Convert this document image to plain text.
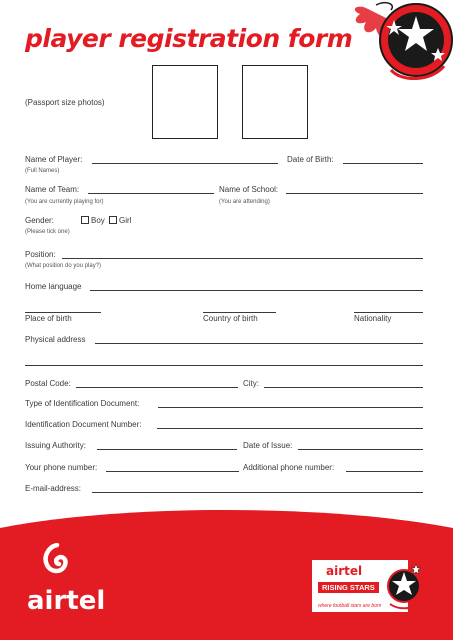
player registration form
(Passport size photos)
Name of Player:	Date of Birth:
(Full Names)
Name of Team:	Name of School:
(You are currently playing for)	(You are attending)
Gender:	Boy	Girl
(Please tick one)
Position:
(What position do you play?)
Home language
Place of birth	Country of birth	Nationality
Physical address
Postal Code:	City:
Type of Identification Document:
Identification Document Number:
Issuing Authority:	Date of Issue:
Your phone number:	Additional phone number:
E-mail-address:
airtel
airtel
RISING STARS
where football stars are born
